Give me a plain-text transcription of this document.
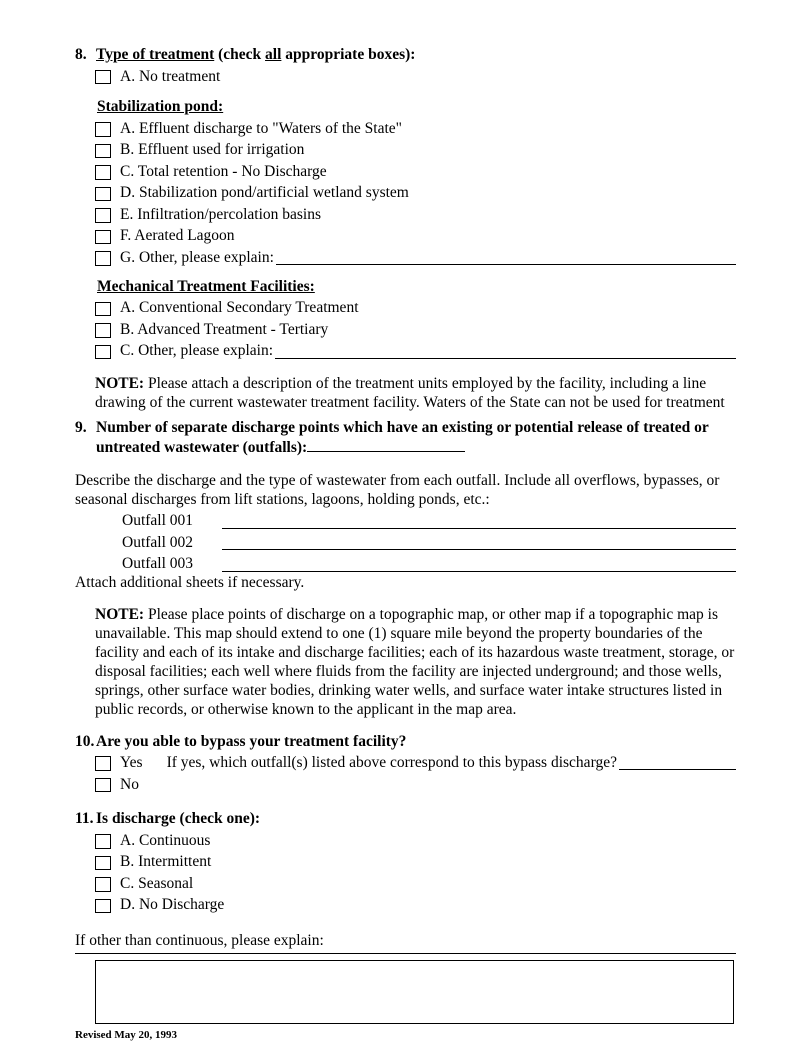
8. Type of treatment (check all appropriate boxes):
A. No treatment
Stabilization pond:
A. Effluent discharge to "Waters of the State"
B. Effluent used for irrigation
C. Total retention - No Discharge
D. Stabilization pond/artificial wetland system
E. Infiltration/percolation basins
F. Aerated Lagoon
G. Other, please explain:
Mechanical Treatment Facilities:
A. Conventional Secondary Treatment
B. Advanced Treatment - Tertiary
C. Other, please explain:
NOTE: Please attach a description of the treatment units employed by the facility, including a line drawing of the current wastewater treatment facility. Waters of the State can not be used for treatment
9. Number of separate discharge points which have an existing or potential release of treated or untreated wastewater (outfalls):
Describe the discharge and the type of wastewater from each outfall. Include all overflows, bypasses, or seasonal discharges from lift stations, lagoons, holding ponds, etc.:
Outfall 001
Outfall 002
Outfall 003
Attach additional sheets if necessary.
NOTE: Please place points of discharge on a topographic map, or other map if a topographic map is unavailable. This map should extend to one (1) square mile beyond the property boundaries of the facility and each of its intake and discharge facilities; each of its hazardous waste treatment, storage, or disposal facilities; each well where fluids from the facility are injected underground; and those wells, springs, other surface water bodies, drinking water wells, and surface water intake structures listed in public records, or otherwise known to the applicant in the map area.
10. Are you able to bypass your treatment facility?
Yes If yes, which outfall(s) listed above correspond to this bypass discharge?
No
11. Is discharge (check one):
A. Continuous
B. Intermittent
C. Seasonal
D. No Discharge
If other than continuous, please explain:
Revised May 20, 1993
